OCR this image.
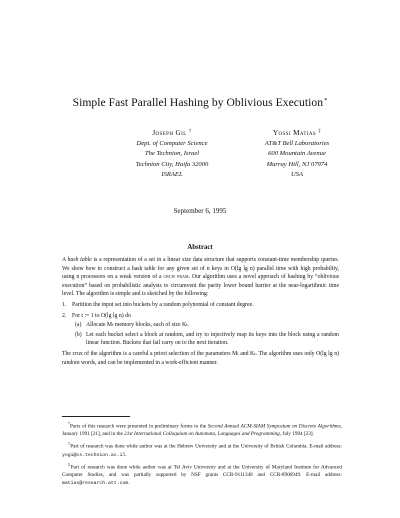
Simple Fast Parallel Hashing by Oblivious Execution*
Joseph Gil †
Dept. of Computer Science
The Technion, Israel
Technion City, Haifa 32000
ISRAEL
Yossi Matias ‡
AT&T Bell Laboratories
600 Mountain Avenue
Murray Hill, NJ 07974
USA
September 6, 1995
Abstract

A hash table is a representation of a set in a linear size data structure that supports constant-time membership queries. We show how to construct a hash table for any given set of n keys in O(lg lg n) parallel time with high probability, using n processors on a weak version of a crcw pram. Our algorithm uses a novel approach of hashing by “oblivious execution” based on probabilistic analysis to circumvent the parity lower bound barrier at the near-logarithmic time level. The algorithm is simple and is sketched by the following:

1. Partition the input set into buckets by a random polynomial of constant degree.
2. For t := 1 to O(lg lg n) do
(a) Allocate Mₜ memory blocks, each of size Kₜ.
(b) Let each bucket select a block at random, and try to injectively map its keys into the block using a random linear function. Buckets that fail carry on to the next iteration.

The crux of the algorithm is a careful a priori selection of the parameters Mₜ and Kₜ. The algorithm uses only O(lg lg n) random words, and can be implemented in a work-efficient manner.

*Parts of this research were presented in preliminary forms in the Second Annual ACM-SIAM Symposium on Discrete Algorithms, January 1991 [21], and in the 21st International Colloquium on Automata, Languages and Programming, July 1994 [23].
†Part of research was done while author was at the Hebrew University and at the University of British Columbia. E-mail address: yogi@cs.technion.ac.il.
‡Part of research was done while author was at Tel Aviv University and at the University of Maryland Institute for Advanced Computer Studies, and was partially supported by NSF grants CCR-9111348 and CCR-8906949. E-mail address: matias@research.att.com.
